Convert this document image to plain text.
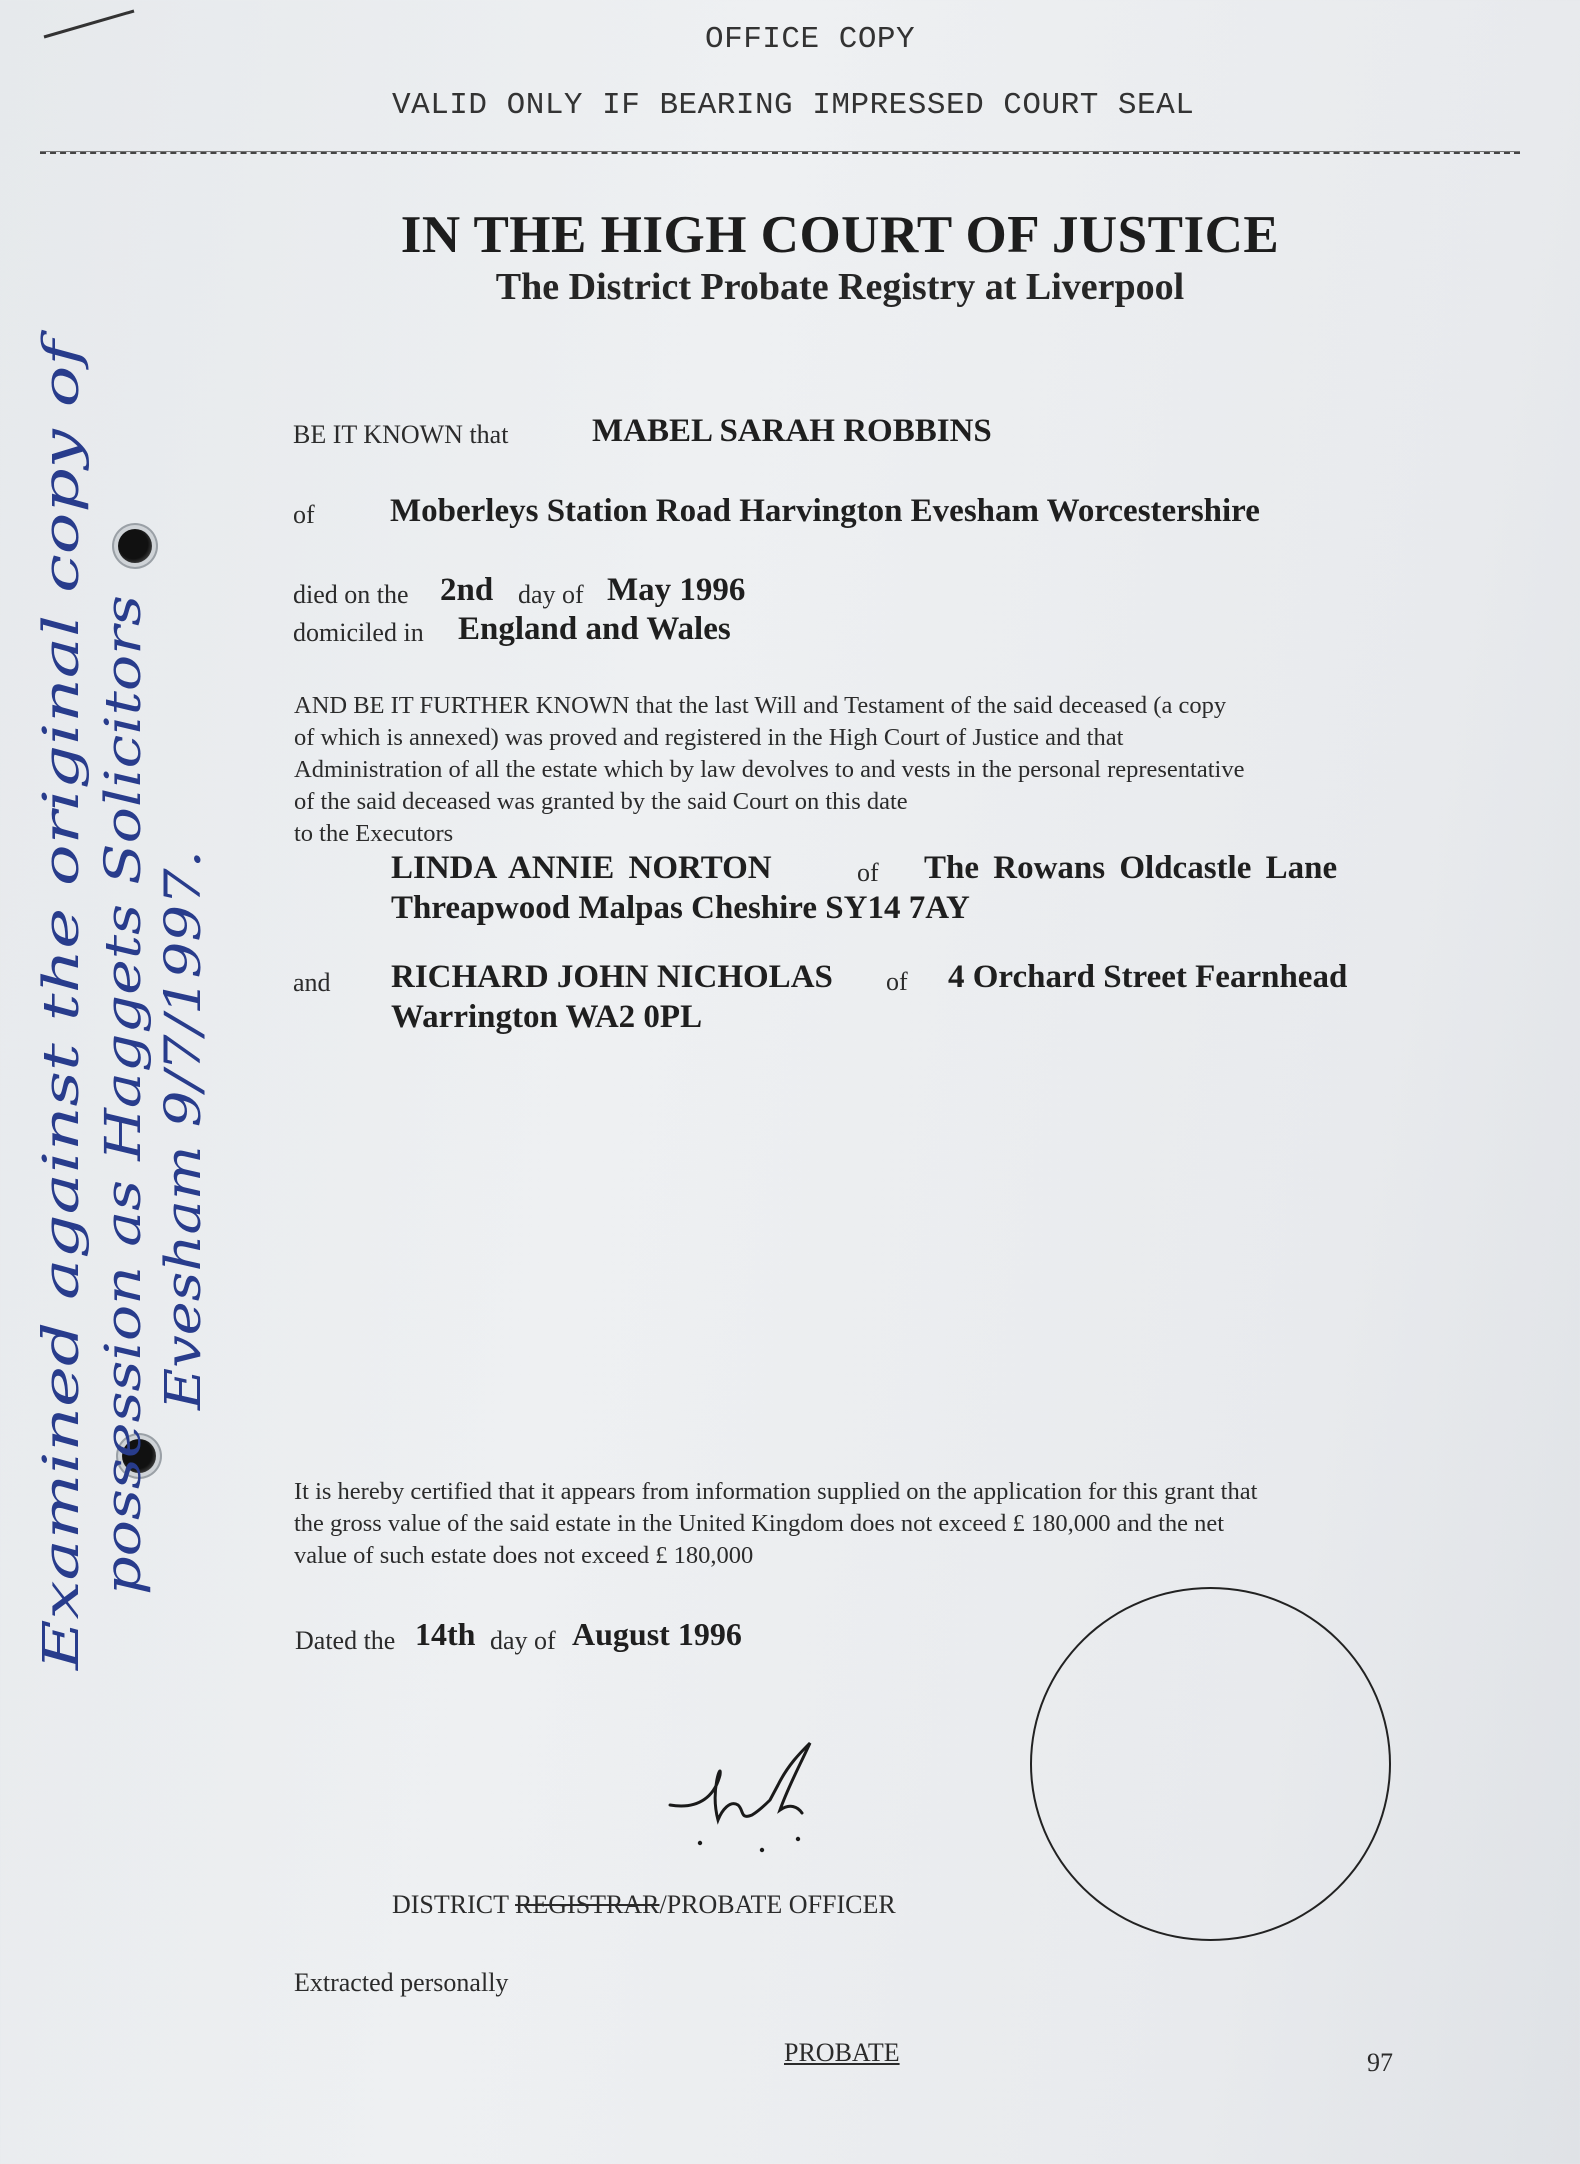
OFFICE COPY
VALID ONLY IF BEARING IMPRESSED COURT SEAL
IN THE HIGH COURT OF JUSTICE
The District Probate Registry at Liverpool
BE IT KNOWN that	MABEL SARAH ROBBINS
of Moberleys Station Road Harvington Evesham Worcestershire
died on the 2nd day of May 1996
domiciled in England and Wales
AND BE IT FURTHER KNOWN that the last Will and Testament of the said deceased (a copy
of which is annexed) was proved and registered in the High Court of Justice and that
Administration of all the estate which by law devolves to and vests in the personal representative
of the said deceased was granted by the said Court on this date
to the Executors
LINDA ANNIE NORTON	of The Rowans Oldcastle Lane
Threapwood Malpas Cheshire SY14 7AY
and RICHARD JOHN NICHOLAS of 4 Orchard Street Fearnhead
Warrington WA2 0PL
It is hereby certified that it appears from information supplied on the application for this grant that
the gross value of the said estate in the United Kingdom does not exceed £ 180,000 and the net
value of such estate does not exceed £ 180,000
Dated the 14th day of August 1996
DISTRICT REGISTRAR/PROBATE OFFICER
Extracted personally
PROBATE	97
Examined against the original copy of possession as Haggets Solicitors Evesham 9/7/1997.
